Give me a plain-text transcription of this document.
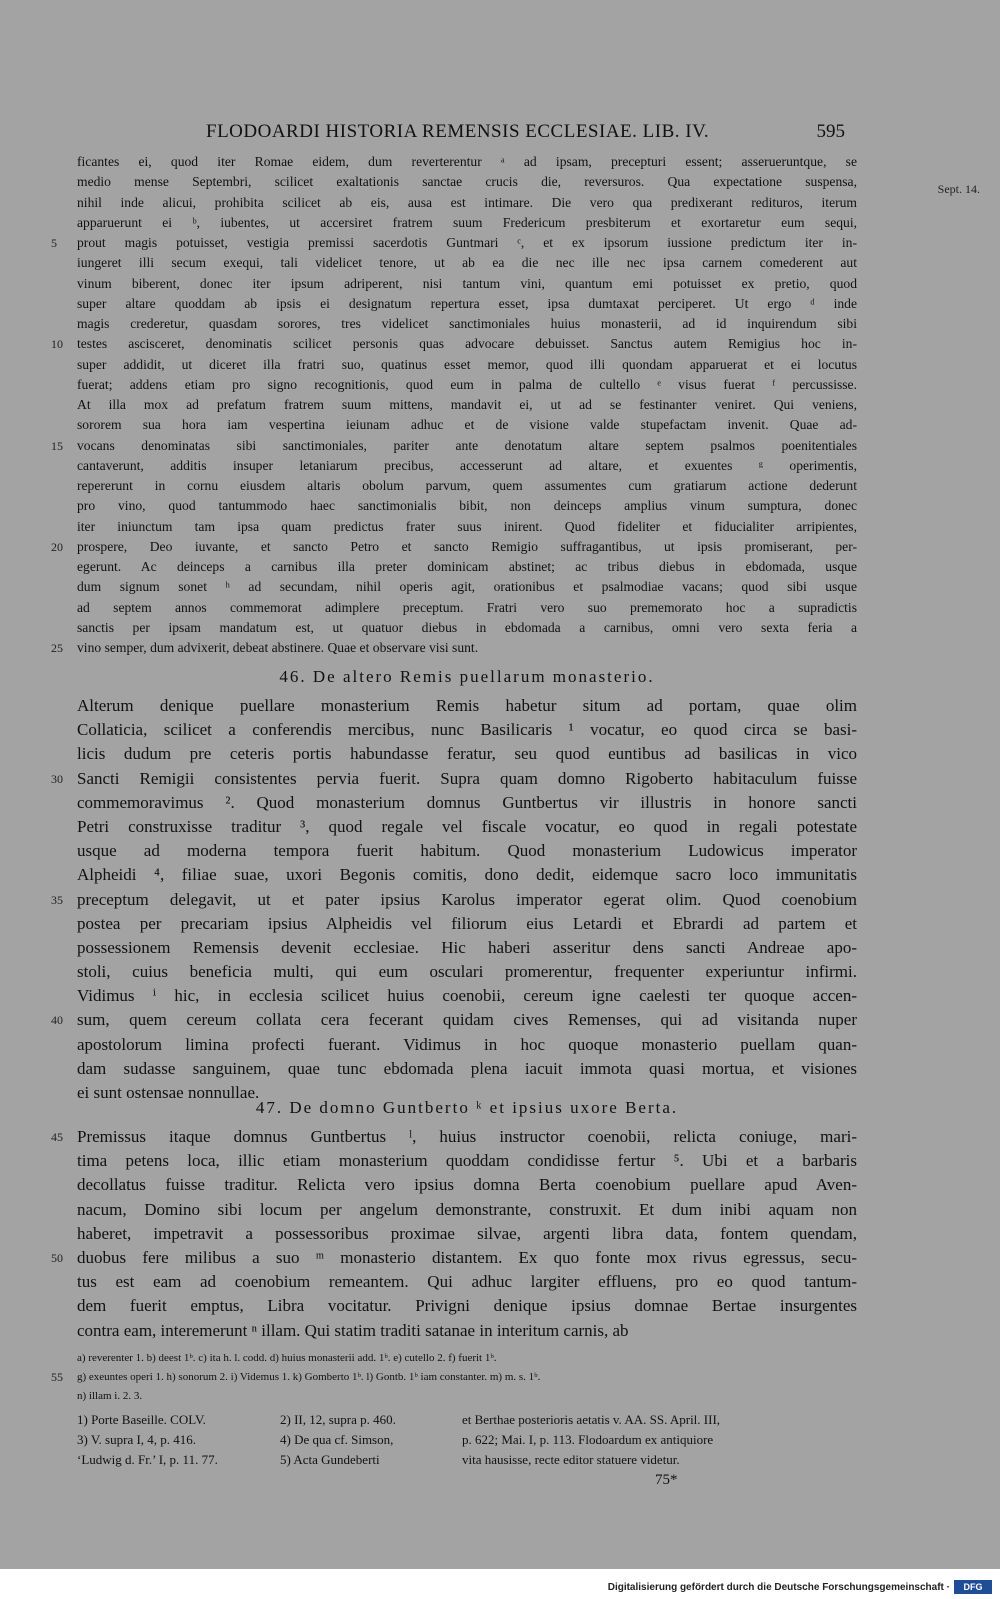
FLODOARDI HISTORIA REMENSIS ECCLESIAE. LIB. IV.	595
Sept. 14.
ficantes ei, quod iter Romae eidem, dum reverterentur ᵃ ad ipsam, precepturi essent; asserueruntque, se
medio mense Septembri, scilicet exaltationis sanctae crucis die, reversuros. Qua expectatione suspensa,
nihil inde alicui, prohibita scilicet ab eis, ausa est intimare. Die vero qua predixerant redituros, iterum
apparuerunt ei ᵇ, iubentes, ut accersiret fratrem suum Fredericum presbiterum et exortaretur eum sequi,
5 prout magis potuisset, vestigia premissi sacerdotis Guntmari ᶜ, et ex ipsorum iussione predictum iter in-
iungeret illi secum exequi, tali videlicet tenore, ut ab ea die nec ille nec ipsa carnem comederent aut
vinum biberent, donec iter ipsum adriperent, nisi tantum vini, quantum emi potuisset ex pretio, quod
super altare quoddam ab ipsis ei designatum repertura esset, ipsa dumtaxat perciperet. Ut ergo ᵈ inde
magis crederetur, quasdam sorores, tres videlicet sanctimoniales huius monasterii, ad id inquirendum sibi
10 testes ascisceret, denominatis scilicet personis quas advocare debuisset. Sanctus autem Remigius hoc in-
super addidit, ut diceret illa fratri suo, quatinus esset memor, quod illi quondam apparuerat et ei locutus
fuerat; addens etiam pro signo recognitionis, quod eum in palma de cultello ᵉ visus fuerat ᶠ percussisse.
At illa mox ad prefatum fratrem suum mittens, mandavit ei, ut ad se festinanter veniret. Qui veniens,
sororem sua hora iam vespertina ieiunam adhuc et de visione valde stupefactam invenit. Quae ad-
15 vocans denominatas sibi sanctimoniales, pariter ante denotatum altare septem psalmos poenitentiales
cantaverunt, additis insuper letaniarum precibus, accesserunt ad altare, et exuentes ᵍ operimentis,
repererunt in cornu eiusdem altaris obolum parvum, quem assumentes cum gratiarum actione dederunt
pro vino, quod tantummodo haec sanctimonialis bibit, non deinceps amplius vinum sumptura, donec
iter iniunctum tam ipsa quam predictus frater suus inirent. Quod fideliter et fiducialiter arripientes,
20 prospere, Deo iuvante, et sancto Petro et sancto Remigio suffragantibus, ut ipsis promiserant, per-
egerunt. Ac deinceps a carnibus illa preter dominicam abstinet; ac tribus diebus in ebdomada, usque
dum signum sonet ʰ ad secundam, nihil operis agit, orationibus et psalmodiae vacans; quod sibi usque
ad septem annos commemorat adimplere preceptum. Fratri vero suo prememorato hoc a supradictis
sanctis per ipsam mandatum est, ut quatuor diebus in ebdomada a carnibus, omni vero sexta feria a
25 vino semper, dum advixerit, debeat abstinere. Quae et observare visi sunt.
46. De altero Remis puellarum monasterio.
Alterum denique puellare monasterium Remis habetur situm ad portam, quae olim
Collaticia, scilicet a conferendis mercibus, nunc Basilicaris ¹ vocatur, eo quod circa se basi-
licis dudum pre ceteris portis habundasse feratur, seu quod euntibus ad basilicas in vico
30 Sancti Remigii consistentes pervia fuerit. Supra quam domno Rigoberto habitaculum fuisse
commemoravimus ². Quod monasterium domnus Guntbertus vir illustris in honore sancti
Petri construxisse traditur ³, quod regale vel fiscale vocatur, eo quod in regali potestate
usque ad moderna tempora fuerit habitum. Quod monasterium Ludowicus imperator
Alpheidi ⁴, filiae suae, uxori Begonis comitis, dono dedit, eidemque sacro loco immunitatis
35 preceptum delegavit, ut et pater ipsius Karolus imperator egerat olim. Quod coenobium
postea per precariam ipsius Alpheidis vel filiorum eius Letardi et Ebrardi ad partem et
possessionem Remensis devenit ecclesiae. Hic haberi asseritur dens sancti Andreae apo-
stoli, cuius beneficia multi, qui eum osculari promerentur, frequenter experiuntur infirmi.
Vidimus ⁱ hic, in ecclesia scilicet huius coenobii, cereum igne caelesti ter quoque accen-
40 sum, quem cereum collata cera fecerant quidam cives Remenses, qui ad visitanda nuper
apostolorum limina profecti fuerant. Vidimus in hoc quoque monasterio puellam quan-
dam sudasse sanguinem, quae tunc ebdomada plena iacuit immota quasi mortua, et visiones
ei sunt ostensae nonnullae.
47. De domno Guntberto ᵏ et ipsius uxore Berta.
45 Premissus itaque domnus Guntbertus ˡ, huius instructor coenobii, relicta coniuge, mari-
tima petens loca, illic etiam monasterium quoddam condidisse fertur ⁵. Ubi et a barbaris
decollatus fuisse traditur. Relicta vero ipsius domna Berta coenobium puellare apud Aven-
nacum, Domino sibi locum per angelum demonstrante, construxit. Et dum inibi aquam non
haberet, impetravit a possessoribus proximae silvae, argenti libra data, fontem quendam,
50 duobus fere milibus a suo ᵐ monasterio distantem. Ex quo fonte mox rivus egressus, secu-
tus est eam ad coenobium remeantem. Qui adhuc largiter effluens, pro eo quod tantum-
dem fuerit emptus, Libra vocitatur. Privigni denique ipsius domnae Bertae insurgentes
contra eam, interemerunt ⁿ illam. Qui statim traditi satanae in interitum carnis, ab
a) reverenter 1. b) deest 1ᵇ. c) ita h. l. codd. d) huius monasterii add. 1ᵇ. e) cutello 2. f) fuerit 1ᵇ.
55 g) exeuntes operi 1. h) sonorum 2. i) Videmus 1. k) Gomberto 1ᵇ. l) Gontb. 1ᵇ iam constanter. m) m. s. 1ᵇ.
n) illam i. 2. 3.
1) Porte Baseille. COLV.	2) II, 12, supra p. 460.	et Berthae posterioris aetatis v. AA. SS. April. III,
3) V. supra I, 4, p. 416.	4) De qua cf. Simson,	p. 622; Mai. I, p. 113. Flodoardum ex antiquiore
‘Ludwig d. Fr.’ I, p. 11. 77.	5) Acta Gundeberti	vita hausisse, recte editor statuere videtur.
75*
Digitalisierung gefördert durch die Deutsche Forschungsgemeinschaft ·	DFG
